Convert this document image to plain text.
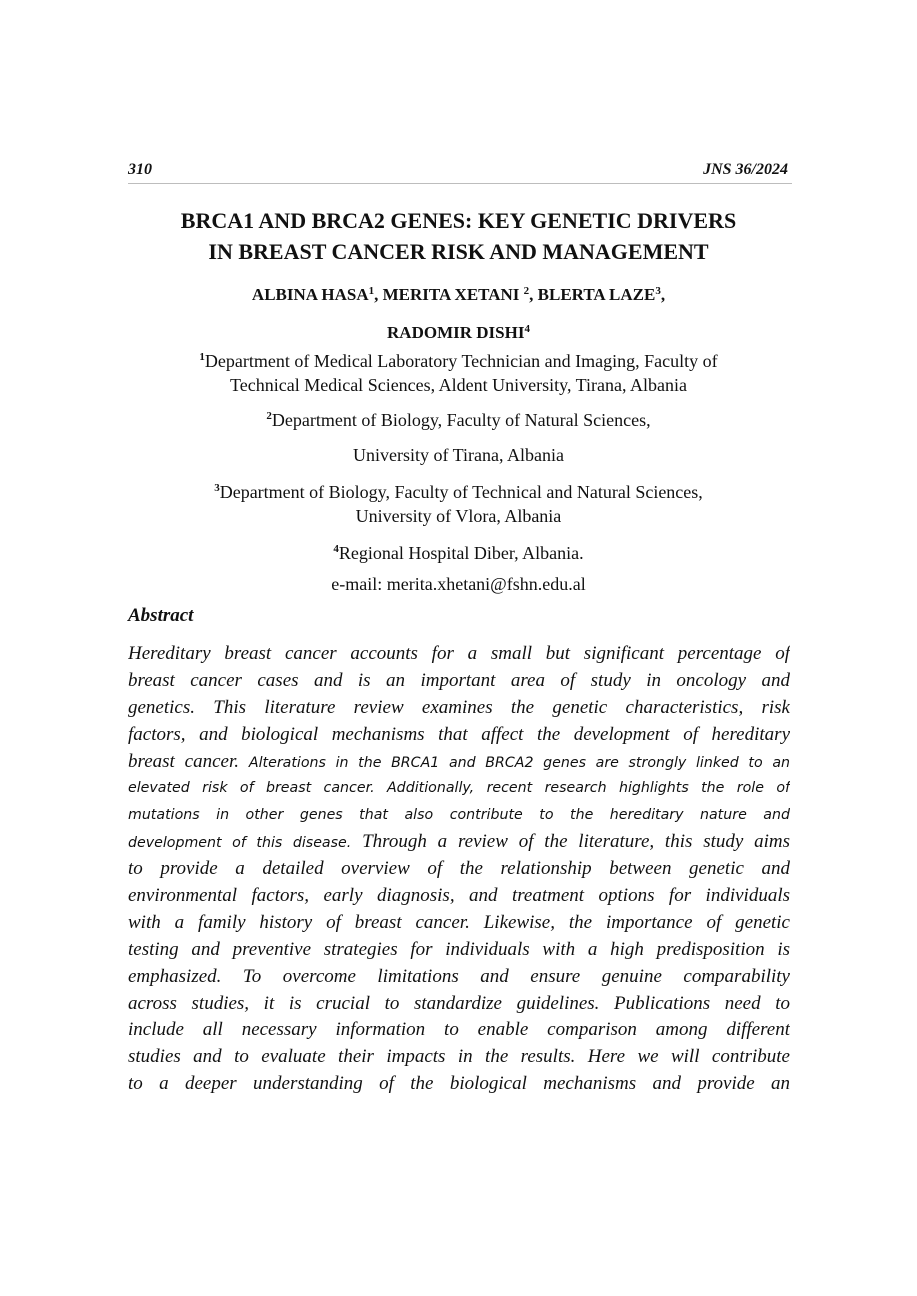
310	JNS 36/2024
BRCA1 AND BRCA2 GENES: KEY GENETIC DRIVERS
IN BREAST CANCER RISK AND MANAGEMENT
ALBINA HASA$^1$, MERITA XETANI $^2$, BLERTA LAZE$^3$,
RADOMIR DISHI$^4$
$^1$Department of Medical Laboratory Technician and Imaging, Faculty of
Technical Medical Sciences, Aldent University, Tirana, Albania
$^2$Department of Biology, Faculty of Natural Sciences,
University of Tirana, Albania
$^3$Department of Biology, Faculty of Technical and Natural Sciences,
University of Vlora, Albania
$^4$Regional Hospital Diber, Albania.
e-mail: merita.xhetani@fshn.edu.al
Abstract
Hereditary breast cancer accounts for a small but significant percentage of
breast cancer cases and is an important area of study in oncology and
genetics. This literature review examines the genetic characteristics, risk
factors, and biological mechanisms that affect the development of hereditary
breast cancer. Alterations in the BRCA1 and BRCA2 genes are strongly linked to an
elevated risk of breast cancer. Additionally, recent research highlights the role of
mutations in other genes that also contribute to the hereditary nature and
development of this disease. Through a review of the literature, this study aims
to provide a detailed overview of the relationship between genetic and
environmental factors, early diagnosis, and treatment options for individuals
with a family history of breast cancer. Likewise, the importance of genetic
testing and preventive strategies for individuals with a high predisposition is
emphasized. To overcome limitations and ensure genuine comparability
across studies, it is crucial to standardize guidelines. Publications need to
include all necessary information to enable comparison among different
studies and to evaluate their impacts in the results. Here we will contribute
to a deeper understanding of the biological mechanisms and provide an
